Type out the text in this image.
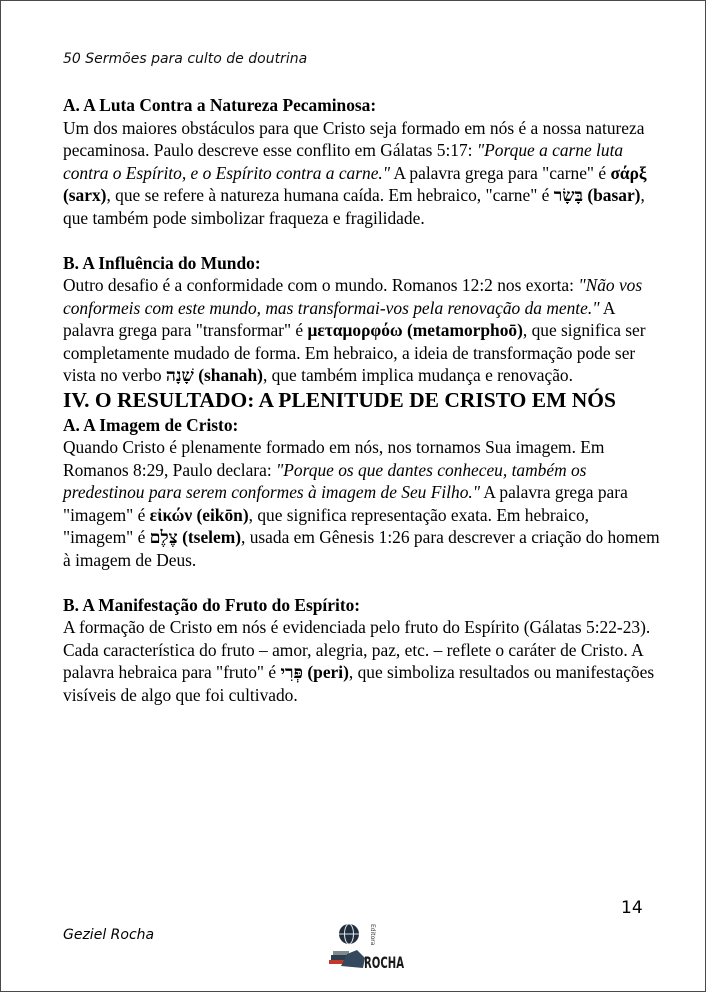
50 Sermões para culto de doutrina

A. A Luta Contra a Natureza Pecaminosa:

Um dos maiores obstáculos para que Cristo seja formado em nós é a nossa natureza pecaminosa. Paulo descreve esse conflito em Gálatas 5:17: "Porque a carne luta contra o Espírito, e o Espírito contra a carne." A palavra grega para "carne" é σάρξ (sarx), que se refere à natureza humana caída. Em hebraico, "carne" é בָּשָׂר (basar), que também pode simbolizar fraqueza e fragilidade.

B. A Influência do Mundo:

Outro desafio é a conformidade com o mundo. Romanos 12:2 nos exorta: "Não vos conformeis com este mundo, mas transformai-vos pela renovação da mente." A palavra grega para "transformar" é μεταμορφόω (metamorphoō), que significa ser completamente mudado de forma. Em hebraico, a ideia de transformação pode ser vista no verbo שָׁנָה (shanah), que também implica mudança e renovação.

IV. O RESULTADO: A PLENITUDE DE CRISTO EM NÓS

A. A Imagem de Cristo:

Quando Cristo é plenamente formado em nós, nos tornamos Sua imagem. Em Romanos 8:29, Paulo declara: "Porque os que dantes conheceu, também os predestinou para serem conformes à imagem de Seu Filho." A palavra grega para "imagem" é εἰκών (eikōn), que significa representação exata. Em hebraico, "imagem" é צֶלֶם (tselem), usada em Gênesis 1:26 para descrever a criação do homem à imagem de Deus.

B. A Manifestação do Fruto do Espírito:

A formação de Cristo em nós é evidenciada pelo fruto do Espírito (Gálatas 5:22-23). Cada característica do fruto – amor, alegria, paz, etc. – reflete o caráter de Cristo. A palavra hebraica para "fruto" é פְּרִי (peri), que simboliza resultados ou manifestações visíveis de algo que foi cultivado.

14
Geziel Rocha	Editora
ROCHA
